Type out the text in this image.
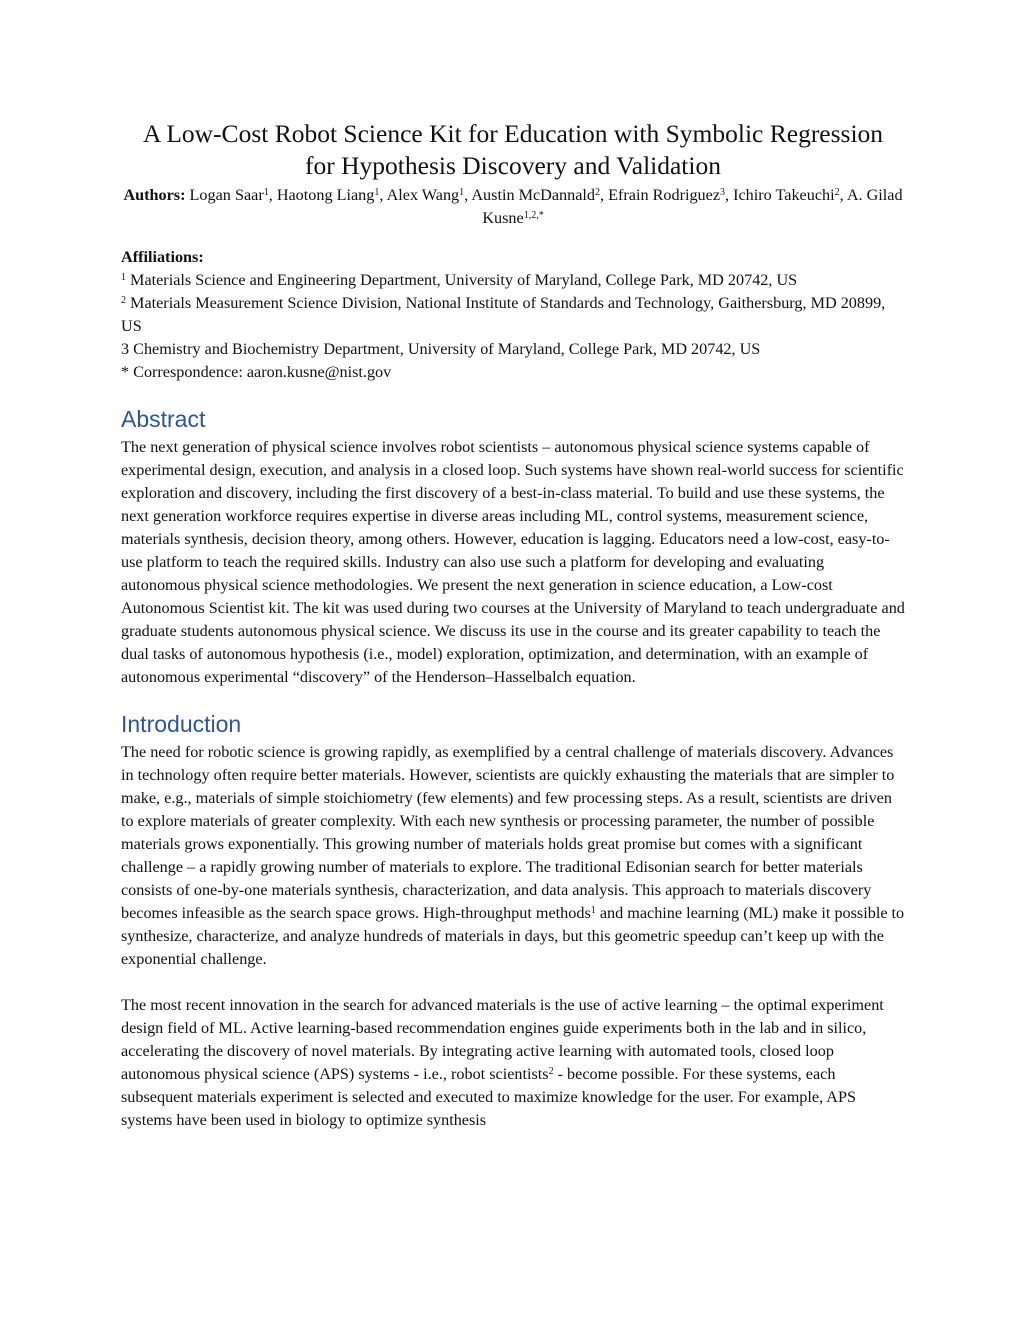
A Low-Cost Robot Science Kit for Education with Symbolic Regression
for Hypothesis Discovery and Validation

Authors: Logan Saar$^1$, Haotong Liang$^1$, Alex Wang$^1$, Austin McDannald$^2$, Efrain Rodriguez$^3$, Ichiro Takeuchi$^2$, A. Gilad Kusne$^{1,2,*}$

Affiliations:

$^1$ Materials Science and Engineering Department, University of Maryland, College Park, MD 20742, US

$^2$ Materials Measurement Science Division, National Institute of Standards and Technology, Gaithersburg, MD 20899, US

3 Chemistry and Biochemistry Department, University of Maryland, College Park, MD 20742, US

* Correspondence: aaron.kusne@nist.gov

Abstract

The next generation of physical science involves robot scientists – autonomous physical science systems capable of experimental design, execution, and analysis in a closed loop. Such systems have shown real-world success for scientific exploration and discovery, including the first discovery of a best-in-class material. To build and use these systems, the next generation workforce requires expertise in diverse areas including ML, control systems, measurement science, materials synthesis, decision theory, among others. However, education is lagging. Educators need a low-cost, easy-to-use platform to teach the required skills. Industry can also use such a platform for developing and evaluating autonomous physical science methodologies. We present the next generation in science education, a Low-cost Autonomous Scientist kit. The kit was used during two courses at the University of Maryland to teach undergraduate and graduate students autonomous physical science. We discuss its use in the course and its greater capability to teach the dual tasks of autonomous hypothesis (i.e., model) exploration, optimization, and determination, with an example of autonomous experimental “discovery” of the Henderson–Hasselbalch equation.

Introduction

The need for robotic science is growing rapidly, as exemplified by a central challenge of materials discovery. Advances in technology often require better materials. However, scientists are quickly exhausting the materials that are simpler to make, e.g., materials of simple stoichiometry (few elements) and few processing steps. As a result, scientists are driven to explore materials of greater complexity. With each new synthesis or processing parameter, the number of possible materials grows exponentially. This growing number of materials holds great promise but comes with a significant challenge – a rapidly growing number of materials to explore. The traditional Edisonian search for better materials consists of one-by-one materials synthesis, characterization, and data analysis. This approach to materials discovery becomes infeasible as the search space grows. High-throughput methods$^1$ and machine learning (ML) make it possible to synthesize, characterize, and analyze hundreds of materials in days, but this geometric speedup can’t keep up with the exponential challenge.

The most recent innovation in the search for advanced materials is the use of active learning – the optimal experiment design field of ML. Active learning-based recommendation engines guide experiments both in the lab and in silico, accelerating the discovery of novel materials. By integrating active learning with automated tools, closed loop autonomous physical science (APS) systems - i.e., robot scientists$^2$ - become possible. For these systems, each subsequent materials experiment is selected and executed to maximize knowledge for the user. For example, APS systems have been used in biology to optimize synthesis
